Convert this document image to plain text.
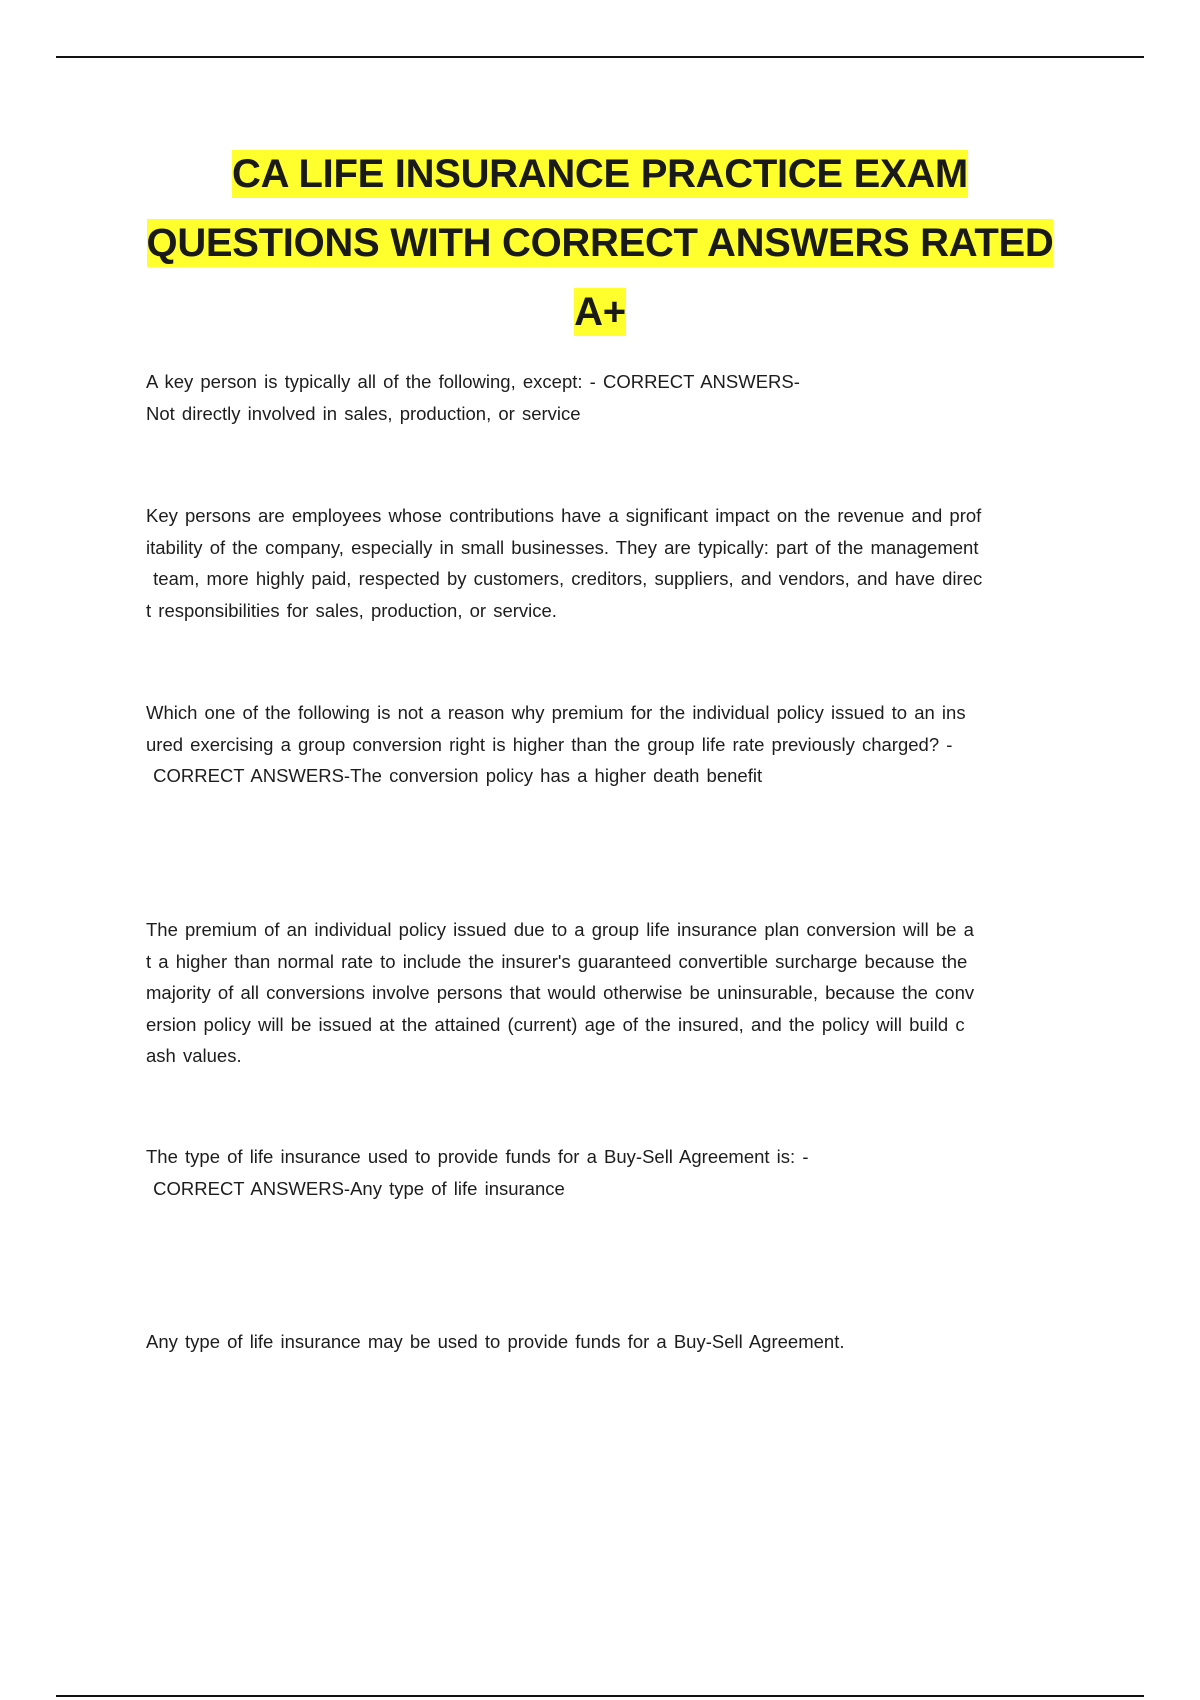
CA LIFE INSURANCE PRACTICE EXAM
QUESTIONS WITH CORRECT ANSWERS RATED
A+

A key person is typically all of the following, except: - CORRECT ANSWERS-
Not directly involved in sales, production, or service

Key persons are employees whose contributions have a significant impact on the revenue and prof
itability of the company, especially in small businesses. They are typically: part of the management
team, more highly paid, respected by customers, creditors, suppliers, and vendors, and have direc
t responsibilities for sales, production, or service.

Which one of the following is not a reason why premium for the individual policy issued to an ins
ured exercising a group conversion right is higher than the group life rate previously charged? -
CORRECT ANSWERS-The conversion policy has a higher death benefit

The premium of an individual policy issued due to a group life insurance plan conversion will be a
t a higher than normal rate to include the insurer's guaranteed convertible surcharge because the
majority of all conversions involve persons that would otherwise be uninsurable, because the conv
ersion policy will be issued at the attained (current) age of the insured, and the policy will build c
ash values.

The type of life insurance used to provide funds for a Buy-Sell Agreement is: -
CORRECT ANSWERS-Any type of life insurance

Any type of life insurance may be used to provide funds for a Buy-Sell Agreement.
